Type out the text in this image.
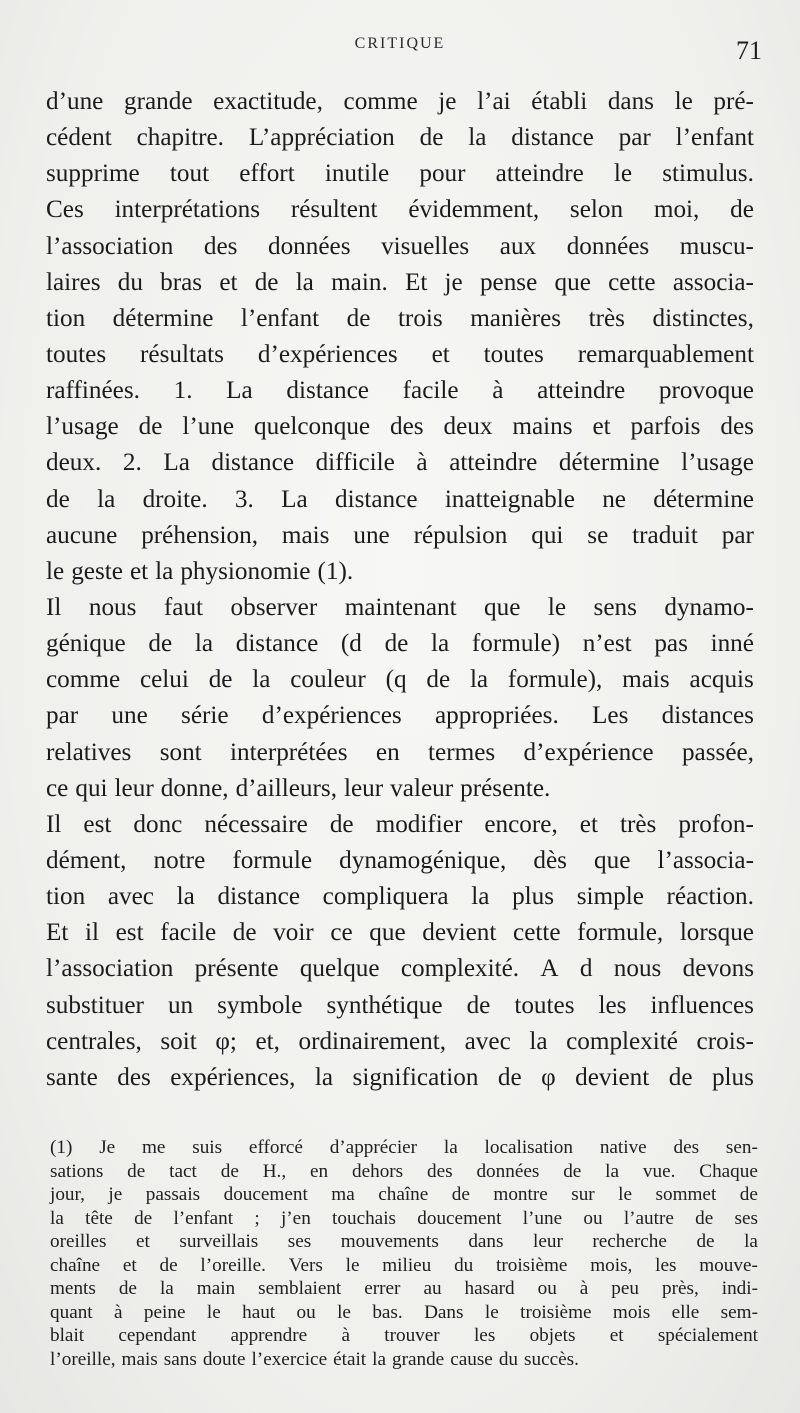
CRITIQUE	71
d’une grande exactitude, comme je l’ai établi dans le pré-
cédent chapitre. L’appréciation de la distance par l’enfant
supprime tout effort inutile pour atteindre le stimulus.
Ces interprétations résultent évidemment, selon moi, de
l’association des données visuelles aux données muscu-
laires du bras et de la main. Et je pense que cette associa-
tion détermine l’enfant de trois manières très distinctes,
toutes résultats d’expériences et toutes remarquablement
raffinées. 1. La distance facile à atteindre provoque
l’usage de l’une quelconque des deux mains et parfois des
deux. 2. La distance difficile à atteindre détermine l’usage
de la droite. 3. La distance inatteignable ne détermine
aucune préhension, mais une répulsion qui se traduit par
le geste et la physionomie (1).
Il nous faut observer maintenant que le sens dynamo-
génique de la distance (d de la formule) n’est pas inné
comme celui de la couleur (q de la formule), mais acquis
par une série d’expériences appropriées. Les distances
relatives sont interprétées en termes d’expérience passée,
ce qui leur donne, d’ailleurs, leur valeur présente.
Il est donc nécessaire de modifier encore, et très profon-
dément, notre formule dynamogénique, dès que l’associa-
tion avec la distance compliquera la plus simple réaction.
Et il est facile de voir ce que devient cette formule, lorsque
l’association présente quelque complexité. A d nous devons
substituer un symbole synthétique de toutes les influences
centrales, soit φ; et, ordinairement, avec la complexité crois-
sante des expériences, la signification de φ devient de plus
(1) Je me suis efforcé d’apprécier la localisation native des sen-
sations de tact de H., en dehors des données de la vue. Chaque
jour, je passais doucement ma chaîne de montre sur le sommet de
la tête de l’enfant ; j’en touchais doucement l’une ou l’autre de ses
oreilles et surveillais ses mouvements dans leur recherche de la
chaîne et de l’oreille. Vers le milieu du troisième mois, les mouve-
ments de la main semblaient errer au hasard ou à peu près, indi-
quant à peine le haut ou le bas. Dans le troisième mois elle sem-
blait cependant apprendre à trouver les objets et spécialement
l’oreille, mais sans doute l’exercice était la grande cause du succès.
